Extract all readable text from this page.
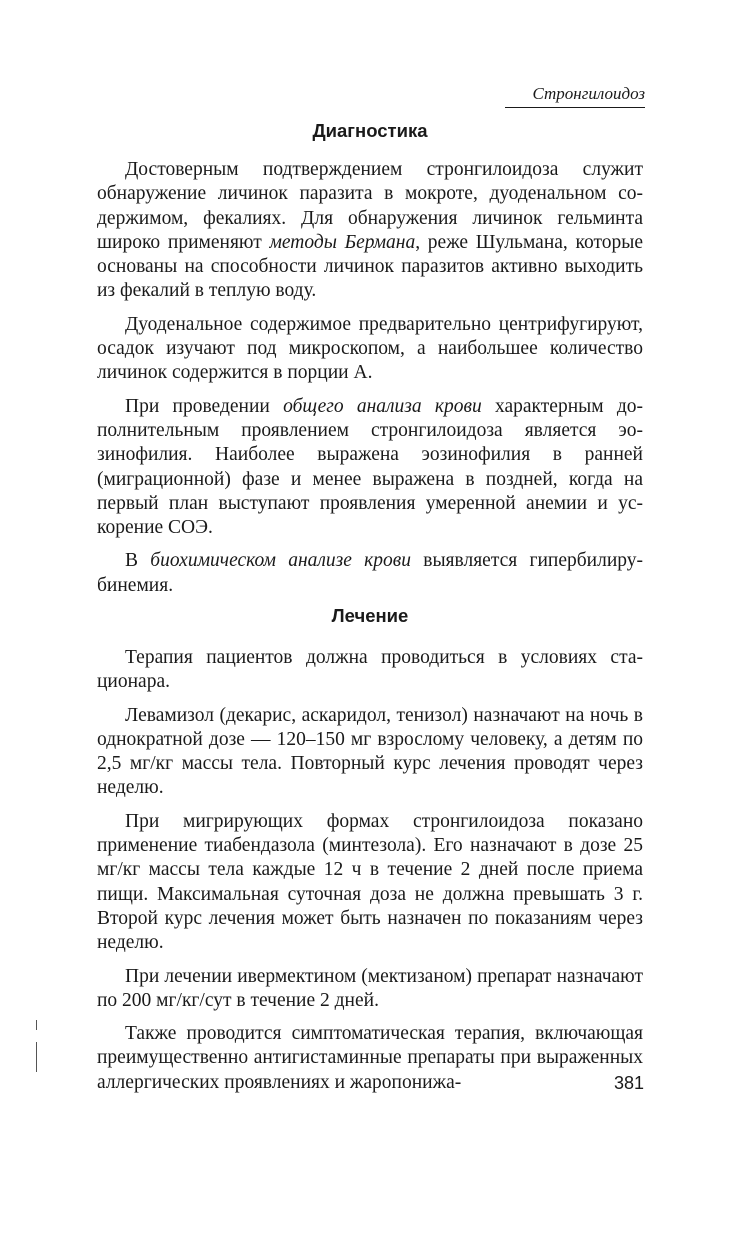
Стронгилоидоз
Диагностика

Достоверным подтверждением стронгилоидоза служит обнаружение личинок паразита в мокроте, дуоденальном содержимом, фекалиях. Для обнаружения личинок гельминта широко применяют методы Бермана, реже Шульмана, которые основаны на способности личинок паразитов активно выходить из фекалий в теплую воду.

Дуоденальное содержимое предварительно центрифугируют, осадок изучают под микроскопом, а наибольшее количество личинок содержится в порции А.

При проведении общего анализа крови характерным дополнительным проявлением стронгилоидоза является эозинофилия. Наиболее выражена эозинофилия в ранней (миграционной) фазе и менее выражена в поздней, когда на первый план выступают проявления умеренной анемии и ускорение СОЭ.

В биохимическом анализе крови выявляется гипербилирубинемия.

Лечение

Терапия пациентов должна проводиться в условиях стационара.

Левамизол (декарис, аскаридол, тенизол) назначают на ночь в однократной дозе — 120–150 мг взрослому человеку, а детям по 2,5 мг/кг массы тела. Повторный курс лечения проводят через неделю.

При мигрирующих формах стронгилоидоза показано применение тиабендазола (минтезола). Его назначают в дозе 25 мг/кг массы тела каждые 12 ч в течение 2 дней после приема пищи. Максимальная суточная доза не должна превышать 3 г. Второй курс лечения может быть назначен по показаниям через неделю.

При лечении ивермектином (мектизаном) препарат назначают по 200 мг/кг/сут в течение 2 дней.

Также проводится симптоматическая терапия, включающая преимущественно антигистаминные препараты при выраженных аллергических проявлениях и жаропонижа-	381
